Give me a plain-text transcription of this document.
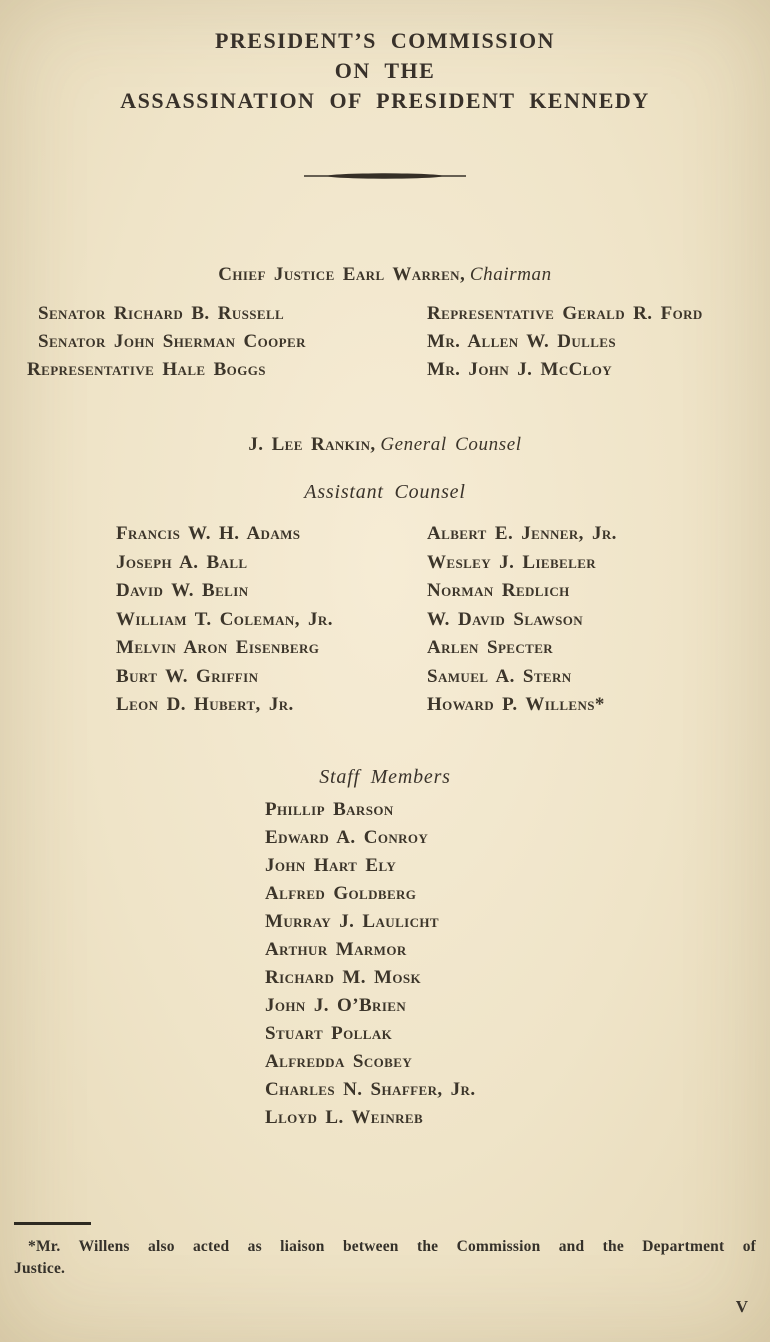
PRESIDENT’S COMMISSION
ON THE
ASSASSINATION OF PRESIDENT KENNEDY
Chief Justice Earl Warren, Chairman
Senator Richard B. Russell
Senator John Sherman Cooper
Representative Hale Boggs
Representative Gerald R. Ford
Mr. Allen W. Dulles
Mr. John J. McCloy
J. Lee Rankin, General Counsel
Assistant Counsel
Francis W. H. Adams
Joseph A. Ball
David W. Belin
William T. Coleman, Jr.
Melvin Aron Eisenberg
Burt W. Griffin
Leon D. Hubert, Jr.
Albert E. Jenner, Jr.
Wesley J. Liebeler
Norman Redlich
W. David Slawson
Arlen Specter
Samuel A. Stern
Howard P. Willens*
Staff Members
Phillip Barson
Edward A. Conroy
John Hart Ely
Alfred Goldberg
Murray J. Laulicht
Arthur Marmor
Richard M. Mosk
John J. O’Brien
Stuart Pollak
Alfredda Scobey
Charles N. Shaffer, Jr.
Lloyd L. Weinreb
*Mr. Willens also acted as liaison between the Commission and the Department of
Justice.
V
